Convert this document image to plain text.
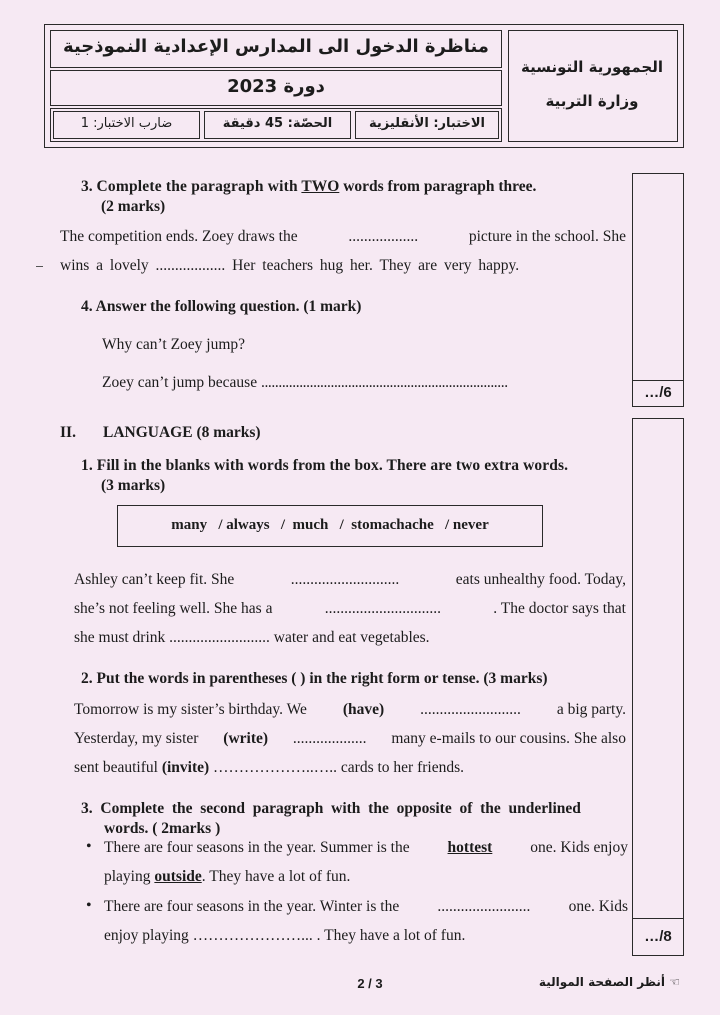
مناظرة الدخول الى المدارس الإعدادية النموذجية
دورة 2023
الاختبار: الأنقليزية
الحصّة: 45 دقيقة
ضارب الاختبار: 1
الجمهورية التونسية
وزارة التربية
…/6
…/8
3. Complete the paragraph with TWO words from paragraph three.
(2 marks)
The competition ends. Zoey draws the	..................	picture in the school. She
wins a lovely .................. Her teachers hug her. They are very happy.
4. Answer the following question. (1 mark)
Why can’t Zoey jump?
Zoey can’t jump because .......................................................................
II. LANGUAGE (8 marks)
1. Fill in the blanks with words from the box. There are two extra words.
(3 marks)
many   / always   /  much   /  stomachache   / never
Ashley can’t keep fit. She	............................	eats unhealthy food. Today,
she’s not feeling well. She has a	..............................	. The doctor says that
she must drink .......................... water and eat vegetables.
2. Put the words in parentheses ( ) in the right form or tense. (3 marks)
Tomorrow is my sister’s birthday. We (have) .......................... a big party.
Yesterday, my sister (write) ................... many e-mails to our cousins. She also
sent beautiful (invite) ………………..….. cards to her friends.
3.  Complete  the  second  paragraph  with  the  opposite  of  the  underlined
words. ( 2marks )
• There are four seasons in the year. Summer is the hottest one. Kids enjoy
playing outside. They have a lot of fun.
• There are four seasons in the year. Winter is the ........................ one. Kids
enjoy playing …………………... . They have a lot of fun.
2 / 3	☜ أنظر الصفحة الموالية
